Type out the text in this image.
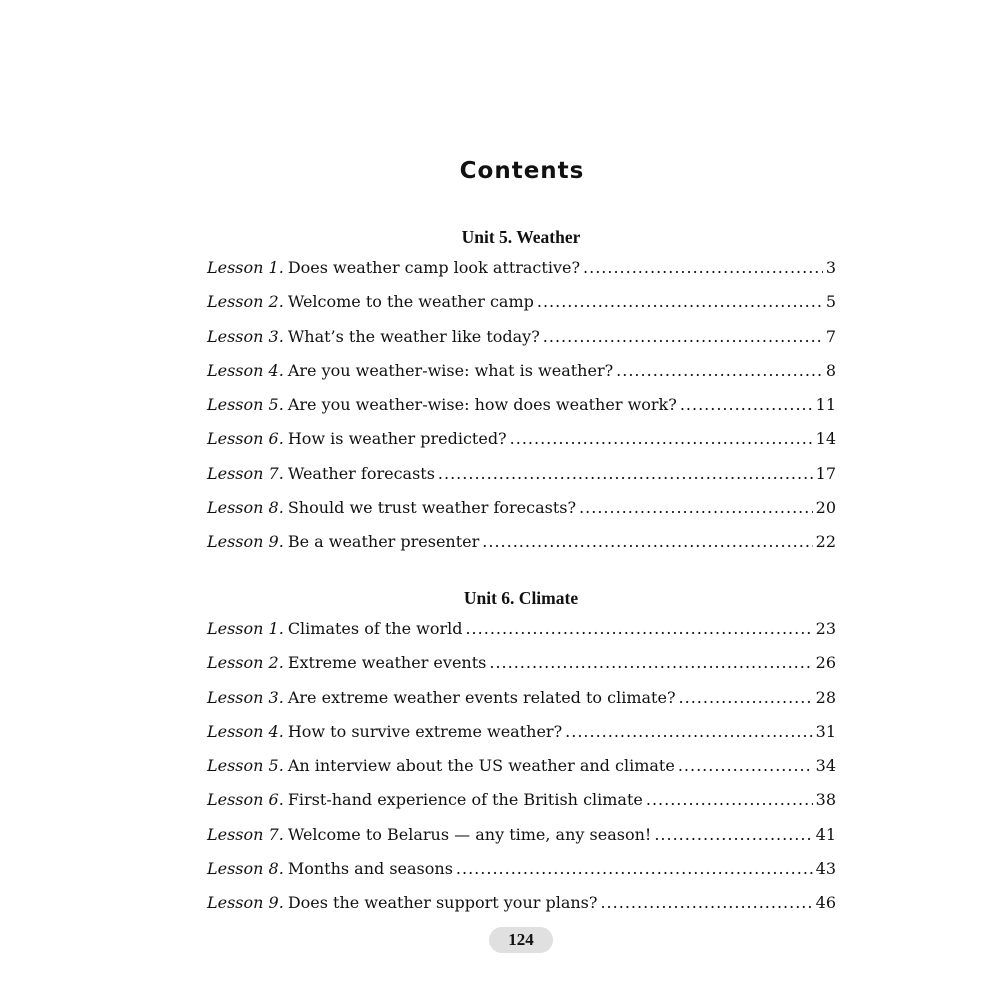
Contents
Unit 5. Weather
Lesson 1. Does weather camp look attractive? .....	3
Lesson 2. Welcome to the weather camp .....	5
Lesson 3. What’s the weather like today? .....	7
Lesson 4. Are you weather-wise: what is weather? .....	8
Lesson 5. Are you weather-wise: how does weather work? .....	11
Lesson 6. How is weather predicted? .....	14
Lesson 7. Weather forecasts .....	17
Lesson 8. Should we trust weather forecasts? .....	20
Lesson 9. Be a weather presenter .....	22
Unit 6. Climate
Lesson 1. Climates of the world .....	23
Lesson 2. Extreme weather events .....	26
Lesson 3. Are extreme weather events related to climate? .....	28
Lesson 4. How to survive extreme weather? .....	31
Lesson 5. An interview about the US weather and climate .....	34
Lesson 6. First-hand experience of the British climate .....	38
Lesson 7. Welcome to Belarus — any time, any season! .....	41
Lesson 8. Months and seasons .....	43
Lesson 9. Does the weather support your plans? .....	46
124
